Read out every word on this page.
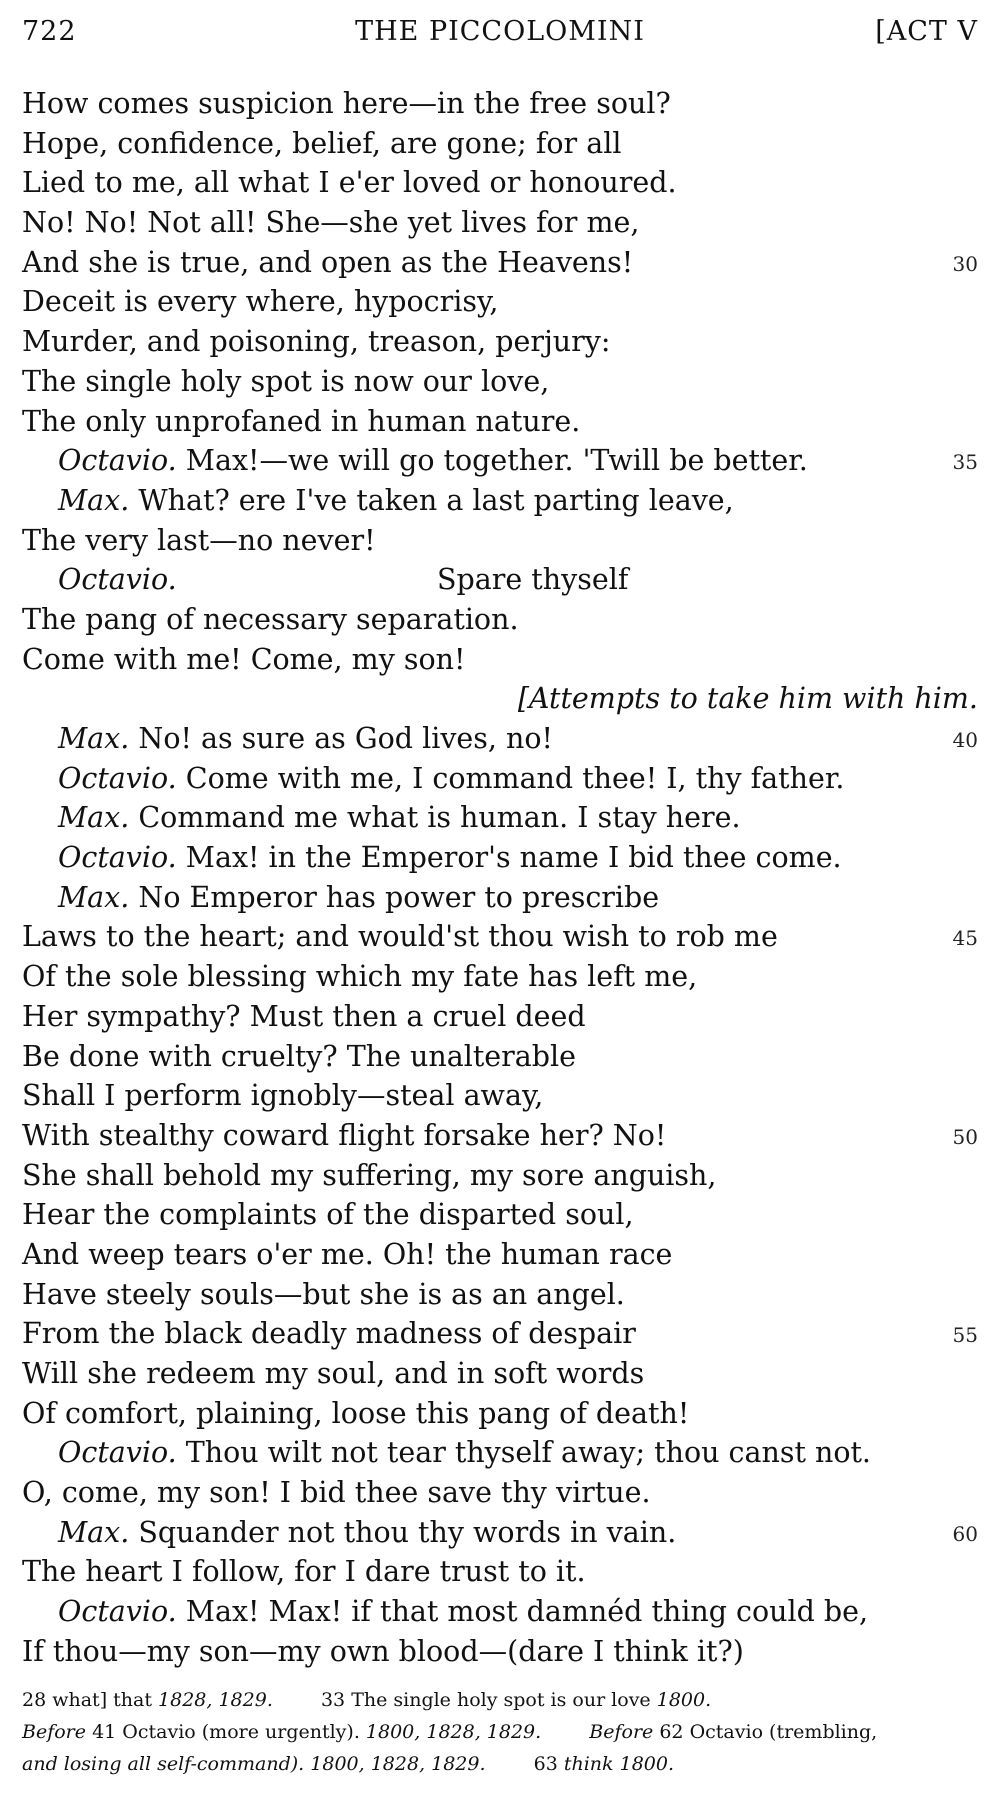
722	THE PICCOLOMINI	[ACT V
How comes suspicion here—in the free soul?
Hope, confidence, belief, are gone; for all
Lied to me, all what I e'er loved or honoured.
No! No! Not all! She—she yet lives for me,
And she is true, and open as the Heavens!	30
Deceit is every where, hypocrisy,
Murder, and poisoning, treason, perjury:
The single holy spot is now our love,
The only unprofaned in human nature.
Octavio. Max!—we will go together. 'Twill be better.	35
Max. What? ere I've taken a last parting leave,
The very last—no never!
Octavio.	Spare thyself
The pang of necessary separation.
Come with me! Come, my son!
[Attempts to take him with him.
Max. No! as sure as God lives, no!	40
Octavio. Come with me, I command thee! I, thy father.
Max. Command me what is human. I stay here.
Octavio. Max! in the Emperor's name I bid thee come.
Max. No Emperor has power to prescribe
Laws to the heart; and would'st thou wish to rob me	45
Of the sole blessing which my fate has left me,
Her sympathy? Must then a cruel deed
Be done with cruelty? The unalterable
Shall I perform ignobly—steal away,
With stealthy coward flight forsake her? No!	50
She shall behold my suffering, my sore anguish,
Hear the complaints of the disparted soul,
And weep tears o'er me. Oh! the human race
Have steely souls—but she is as an angel.
From the black deadly madness of despair	55
Will she redeem my soul, and in soft words
Of comfort, plaining, loose this pang of death!
Octavio. Thou wilt not tear thyself away; thou canst not.
O, come, my son! I bid thee save thy virtue.
Max. Squander not thou thy words in vain.	60
The heart I follow, for I dare trust to it.
Octavio. Max! Max! if that most damnéd thing could be,
If thou—my son—my own blood—(dare I think it?)
28 what] that 1828, 1829.	33 The single holy spot is our love 1800.
Before 41 Octavio (more urgently). 1800, 1828, 1829.	Before 62 Octavio (trembling,
and losing all self-command). 1800, 1828, 1829.	63 think 1800.
